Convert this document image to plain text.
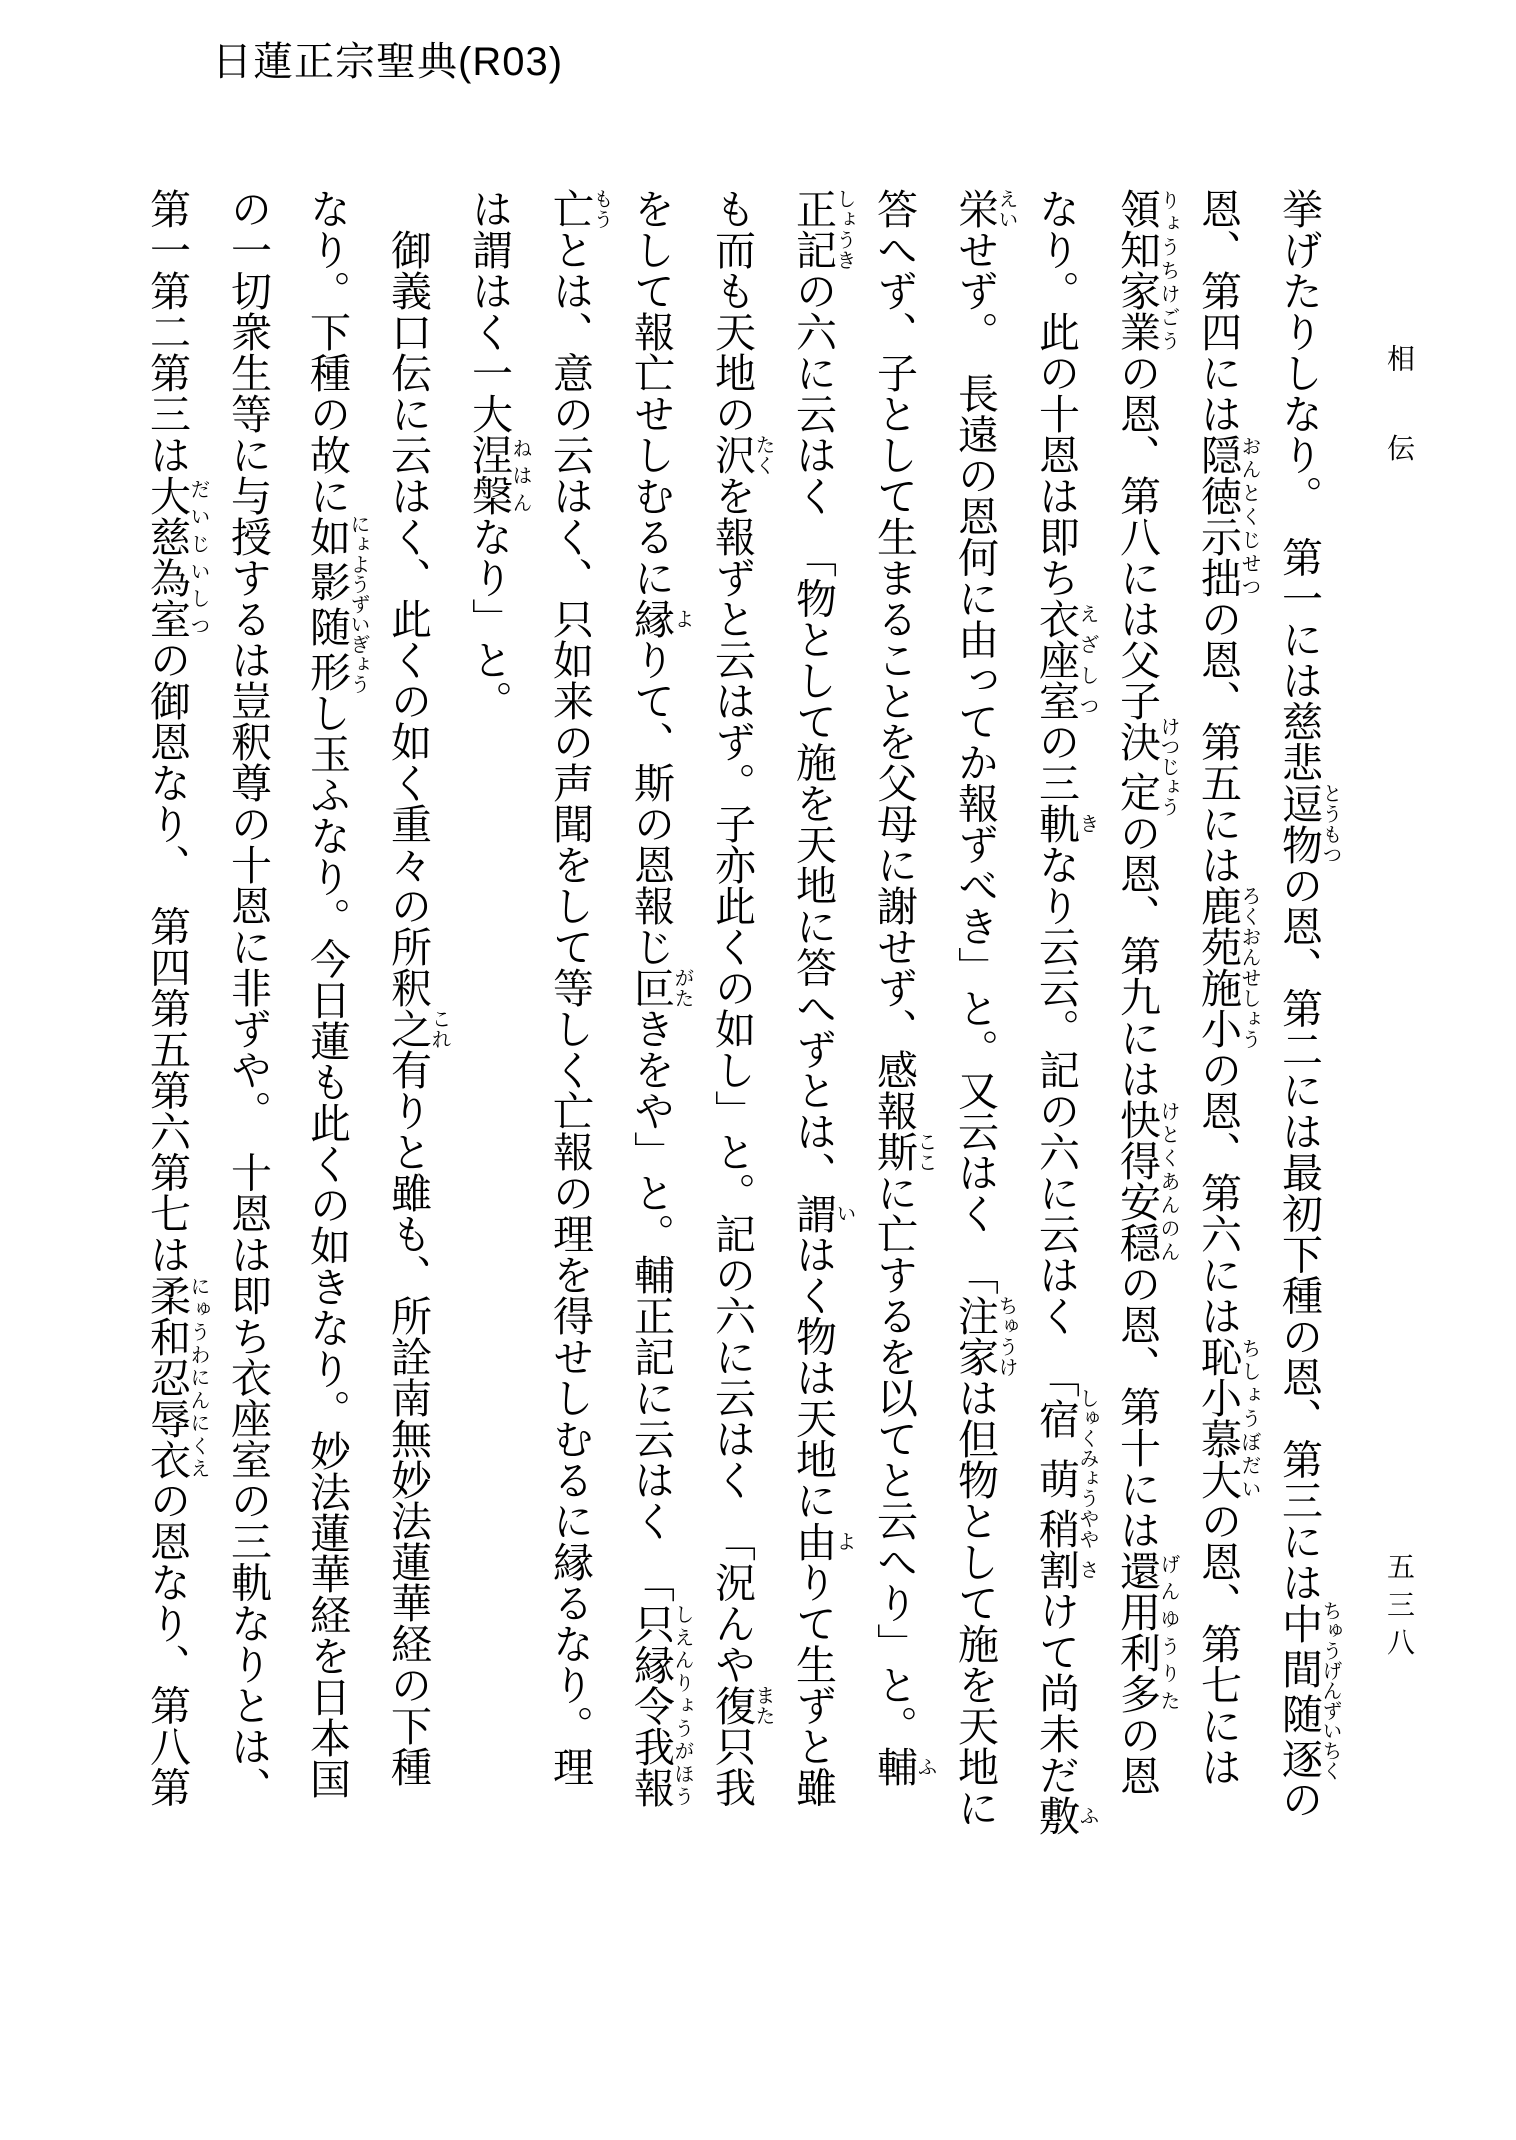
日蓮正宗聖典(R03)
相伝
挙げたりしなり。　第一には慈悲逗物とうもつの恩、第二には最初下種の恩、第三には中間随逐ちゅうげんずいちくの
恩、第四には隠徳示拙おんとくじせつの恩、第五には鹿苑施小ろくおんせしょうの恩、第六には恥小慕大ちしょうぼだいの恩、第七には
領知家業りょうちけごうの恩、第八には父子決定けつじょうの恩、第九には快得安穏けとくあんのんの恩、第十には還用利多げんゆうりたの恩
なり。此の十恩は即ち衣座室えざしつの三軌きなり云云。記の六に云はく　「宿萌しゅくみょう稍やや割さけて尚未だ敷ふ
栄えいせず。　長遠の恩何に由ってか報ずべき」と。又云はく　「注家ちゅうけは但物として施を天地に
答へず、子として生まることを父母に謝せず、感報斯ここに亡するを以てと云へり」と。輔ふ
正記しょうきの六に云はく　「物として施を天地に答へずとは、謂いはく物は天地に由よりて生ずと雖
も而も天地の沢たくを報ずと云はず。子亦此くの如し」と。記の六に云はく　「況んや復また只我
をして報亡せしむるに縁よりて、斯の恩報じ叵がたきをや」と。輔正記に云はく　「只縁令我報しえんりょうがほう
亡もうとは、意の云はく、只如来の声聞をして等しく亡報の理を得せしむるに縁るなり。理
は謂はく一大涅槃ねはんなり」と。
　御義口伝に云はく、此くの如く重々の所釈之これ有りと雖も、所詮南無妙法蓮華経の下種
なり。下種の故に如影随形にょようずいぎょうし玉ふなり。今日蓮も此くの如きなり。妙法蓮華経を日本国
の一切衆生等に与授するは豈釈尊の十恩に非ずや。　十恩は即ち衣座室の三軌なりとは、
第一第二第三は大慈為室だいじいしつの御恩なり、　第四第五第六第七は柔和忍辱衣にゅうわにんにくえの恩なり、第八第	五三八
